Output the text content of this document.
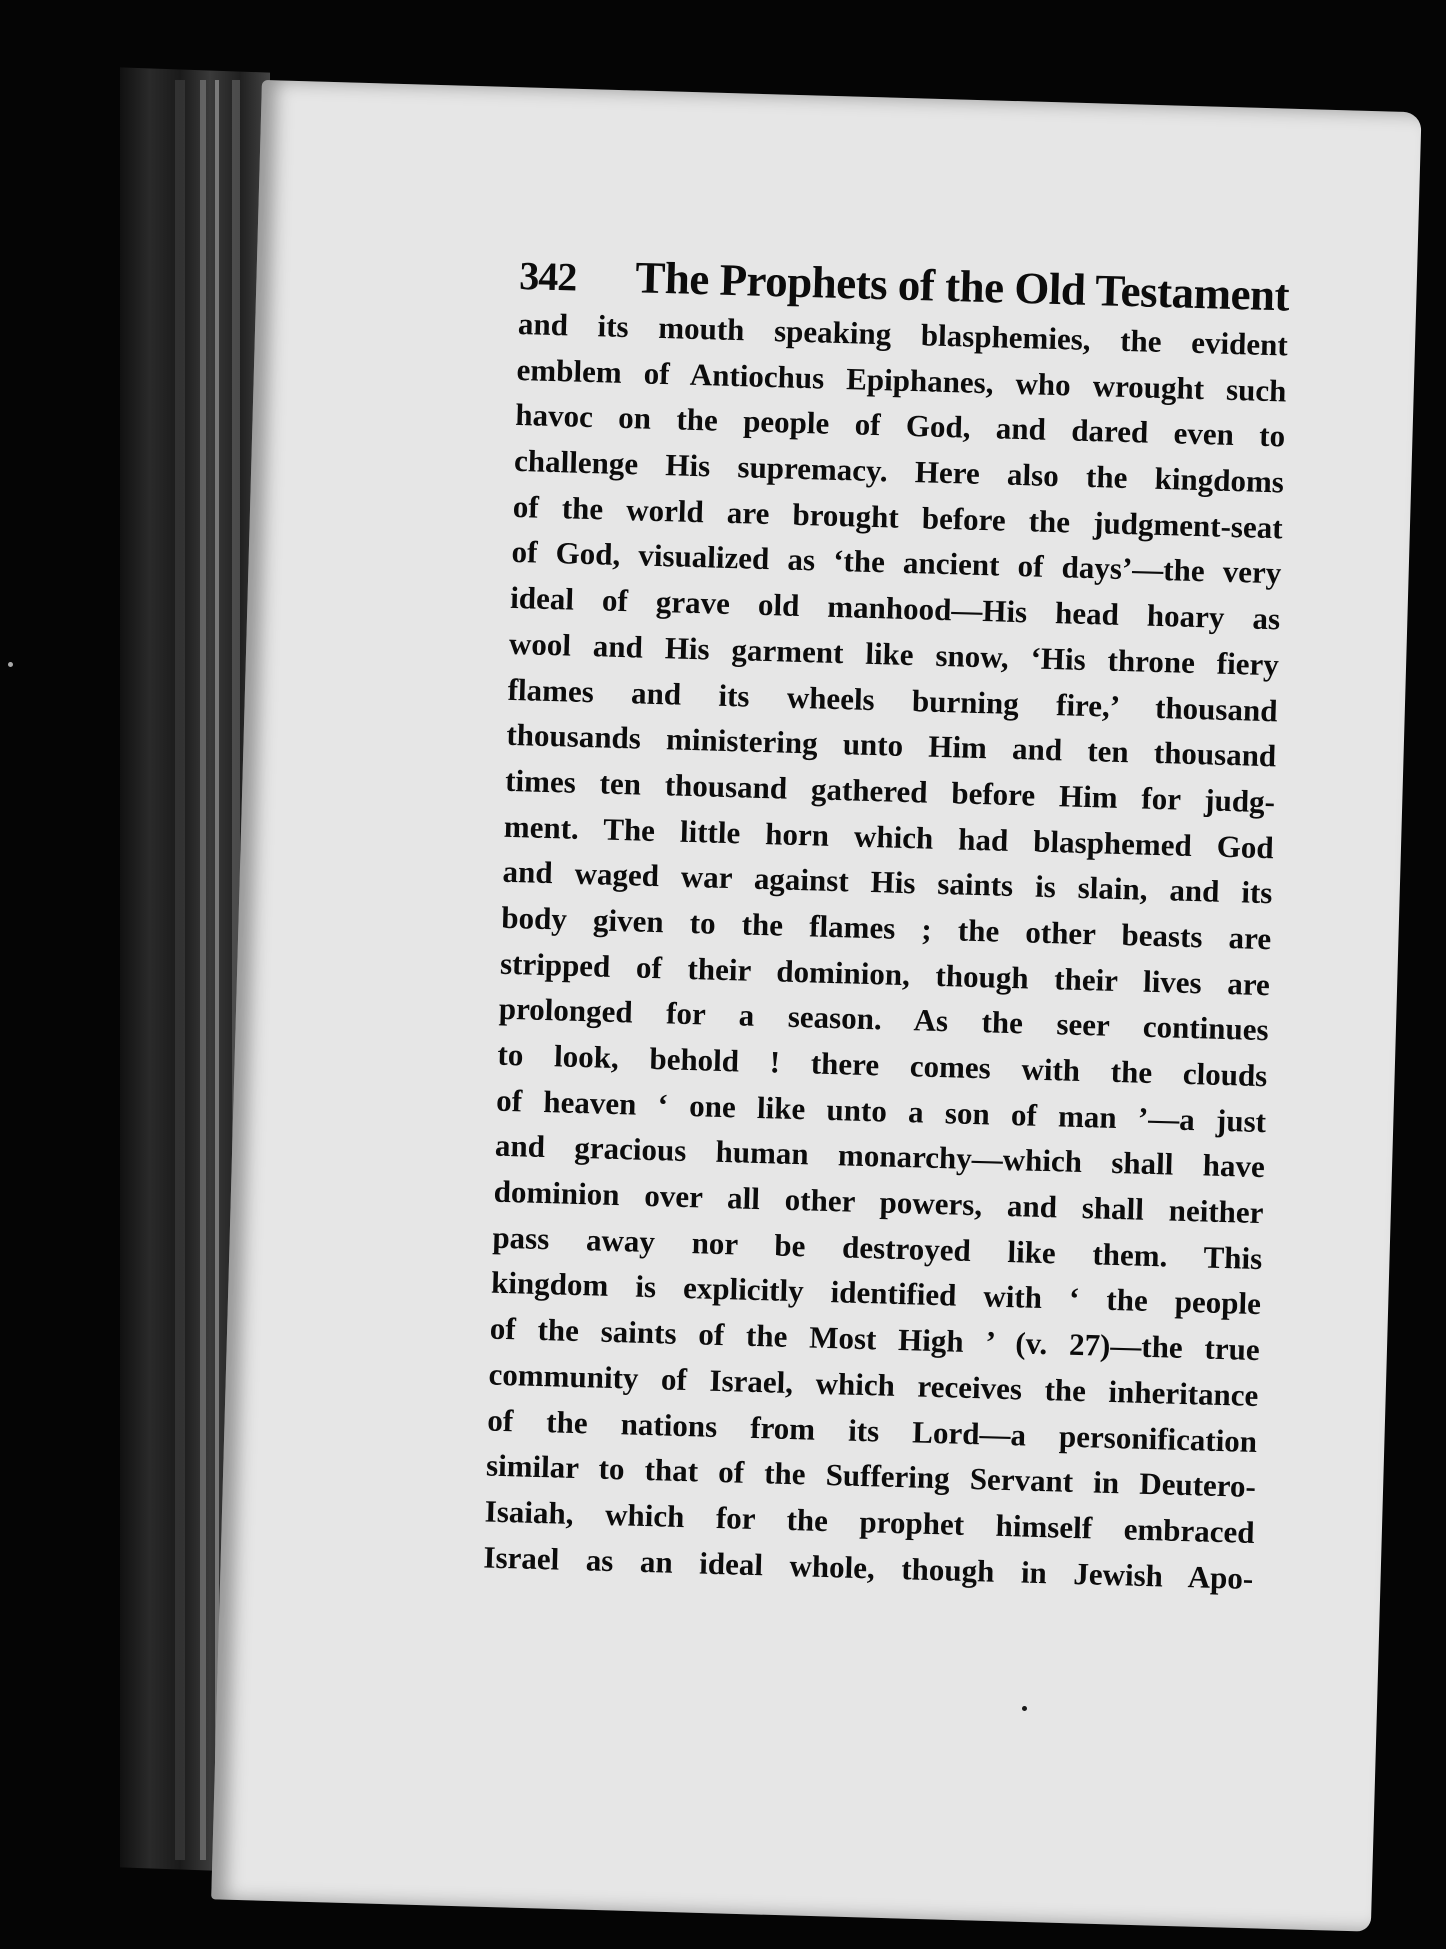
342 The Prophets of the Old Testament
and its mouth speaking blasphemies, the evident
emblem of Antiochus Epiphanes, who wrought such
havoc on the people of God, and dared even to
challenge His supremacy. Here also the kingdoms
of the world are brought before the judgment-seat
of God, visualized as ‘the ancient of days’—the very
ideal of grave old manhood—His head hoary as
wool and His garment like snow, ‘His throne fiery
flames and its wheels burning fire,’ thousand
thousands ministering unto Him and ten thousand
times ten thousand gathered before Him for judg-
ment. The little horn which had blasphemed God
and waged war against His saints is slain, and its
body given to the flames ; the other beasts are
stripped of their dominion, though their lives are
prolonged for a season. As the seer continues
to look, behold ! there comes with the clouds
of heaven ‘ one like unto a son of man ’—a just
and gracious human monarchy—which shall have
dominion over all other powers, and shall neither
pass away nor be destroyed like them. This
kingdom is explicitly identified with ‘ the people
of the saints of the Most High ’ (v. 27)—the true
community of Israel, which receives the inheritance
of the nations from its Lord—a personification
similar to that of the Suffering Servant in Deutero-
Isaiah, which for the prophet himself embraced
Israel as an ideal whole, though in Jewish Apo-
